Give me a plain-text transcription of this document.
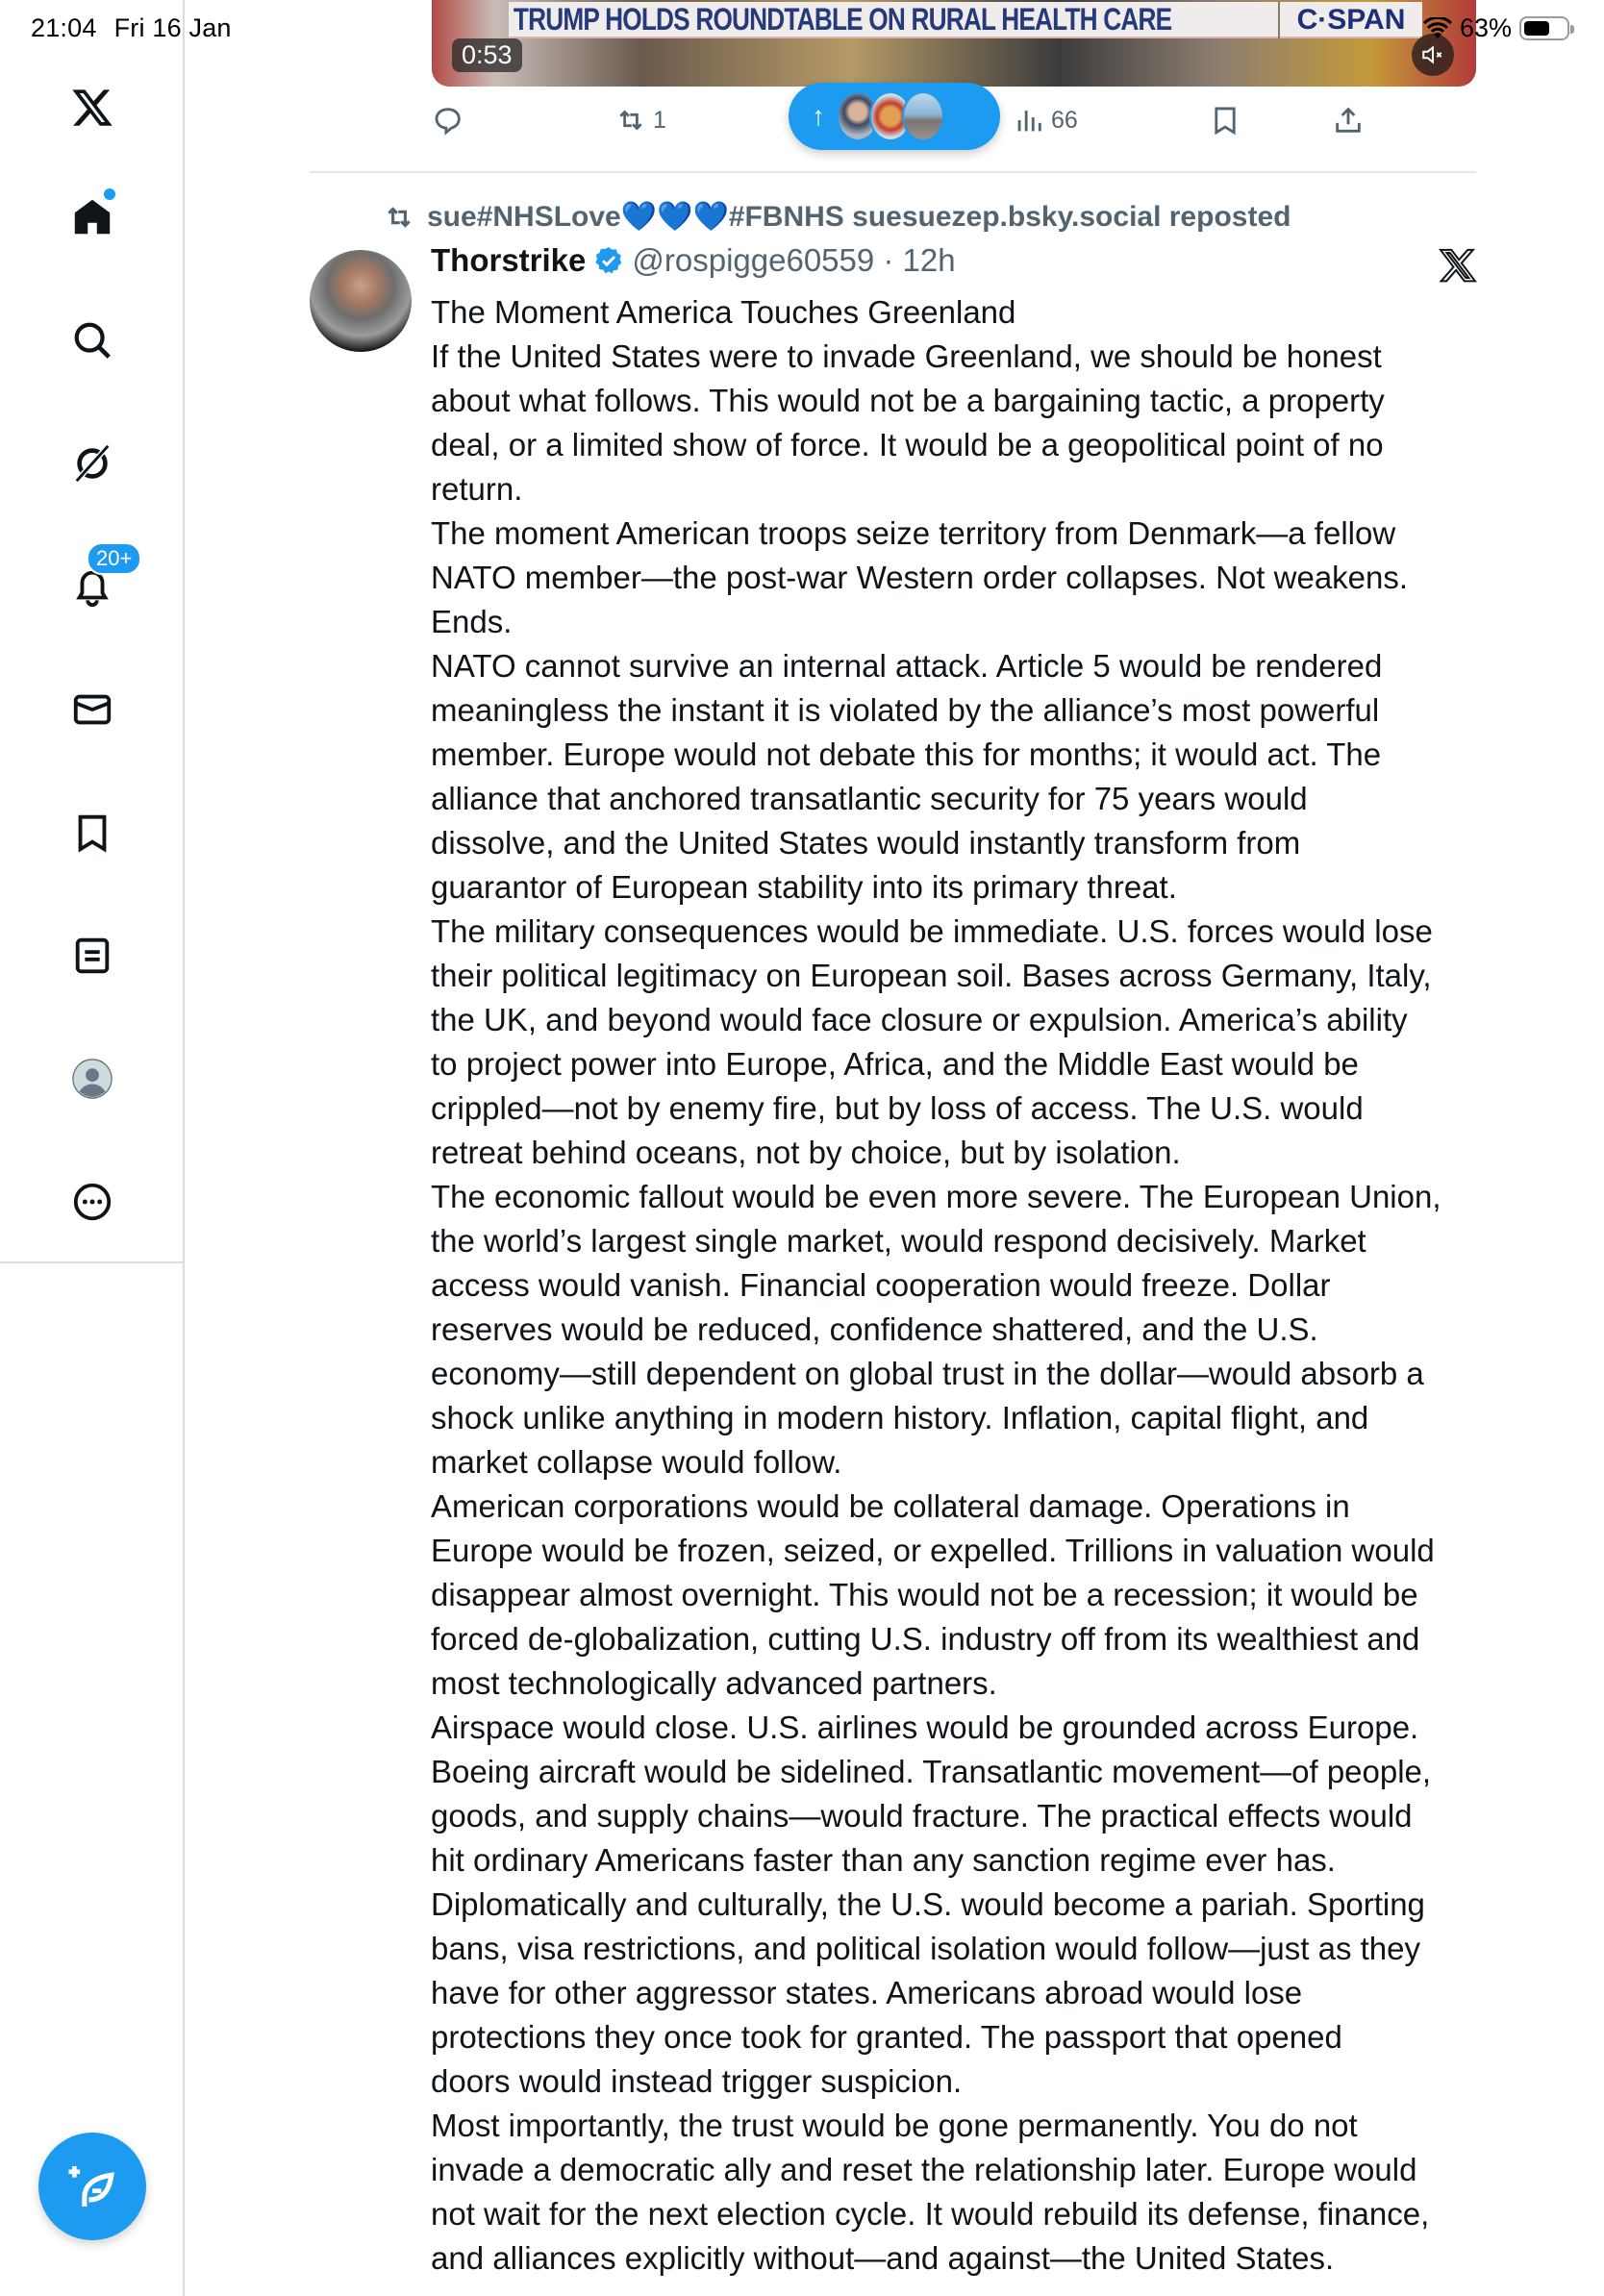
21:04 Fri 16 Jan	63%
20+
TRUMP HOLDS ROUNDTABLE ON RURAL HEALTH CARE	C·SPAN
0:53
1	66
↑
sue#NHSLove💙💙💙#FBNHS suesuezep.bsky.social reposted
Thorstrike @rospigge60559 · 12h

The Moment America Touches Greenland

If the United States were to invade Greenland, we should be honest

about what follows. This would not be a bargaining tactic, a property

deal, or a limited show of force. It would be a geopolitical point of no

return.

The moment American troops seize territory from Denmark—a fellow

NATO member—the post-war Western order collapses. Not weakens.

Ends.

NATO cannot survive an internal attack. Article 5 would be rendered

meaningless the instant it is violated by the alliance’s most powerful

member. Europe would not debate this for months; it would act. The

alliance that anchored transatlantic security for 75 years would

dissolve, and the United States would instantly transform from

guarantor of European stability into its primary threat.

The military consequences would be immediate. U.S. forces would lose

their political legitimacy on European soil. Bases across Germany, Italy,

the UK, and beyond would face closure or expulsion. America’s ability

to project power into Europe, Africa, and the Middle East would be

crippled—not by enemy fire, but by loss of access. The U.S. would

retreat behind oceans, not by choice, but by isolation.

The economic fallout would be even more severe. The European Union,

the world’s largest single market, would respond decisively. Market

access would vanish. Financial cooperation would freeze. Dollar

reserves would be reduced, confidence shattered, and the U.S.

economy—still dependent on global trust in the dollar—would absorb a

shock unlike anything in modern history. Inflation, capital flight, and

market collapse would follow.

American corporations would be collateral damage. Operations in

Europe would be frozen, seized, or expelled. Trillions in valuation would

disappear almost overnight. This would not be a recession; it would be

forced de-globalization, cutting U.S. industry off from its wealthiest and

most technologically advanced partners.

Airspace would close. U.S. airlines would be grounded across Europe.

Boeing aircraft would be sidelined. Transatlantic movement—of people,

goods, and supply chains—would fracture. The practical effects would

hit ordinary Americans faster than any sanction regime ever has.

Diplomatically and culturally, the U.S. would become a pariah. Sporting

bans, visa restrictions, and political isolation would follow—just as they

have for other aggressor states. Americans abroad would lose

protections they once took for granted. The passport that opened

doors would instead trigger suspicion.

Most importantly, the trust would be gone permanently. You do not

invade a democratic ally and reset the relationship later. Europe would

not wait for the next election cycle. It would rebuild its defense, finance,

and alliances explicitly without—and against—the United States.
